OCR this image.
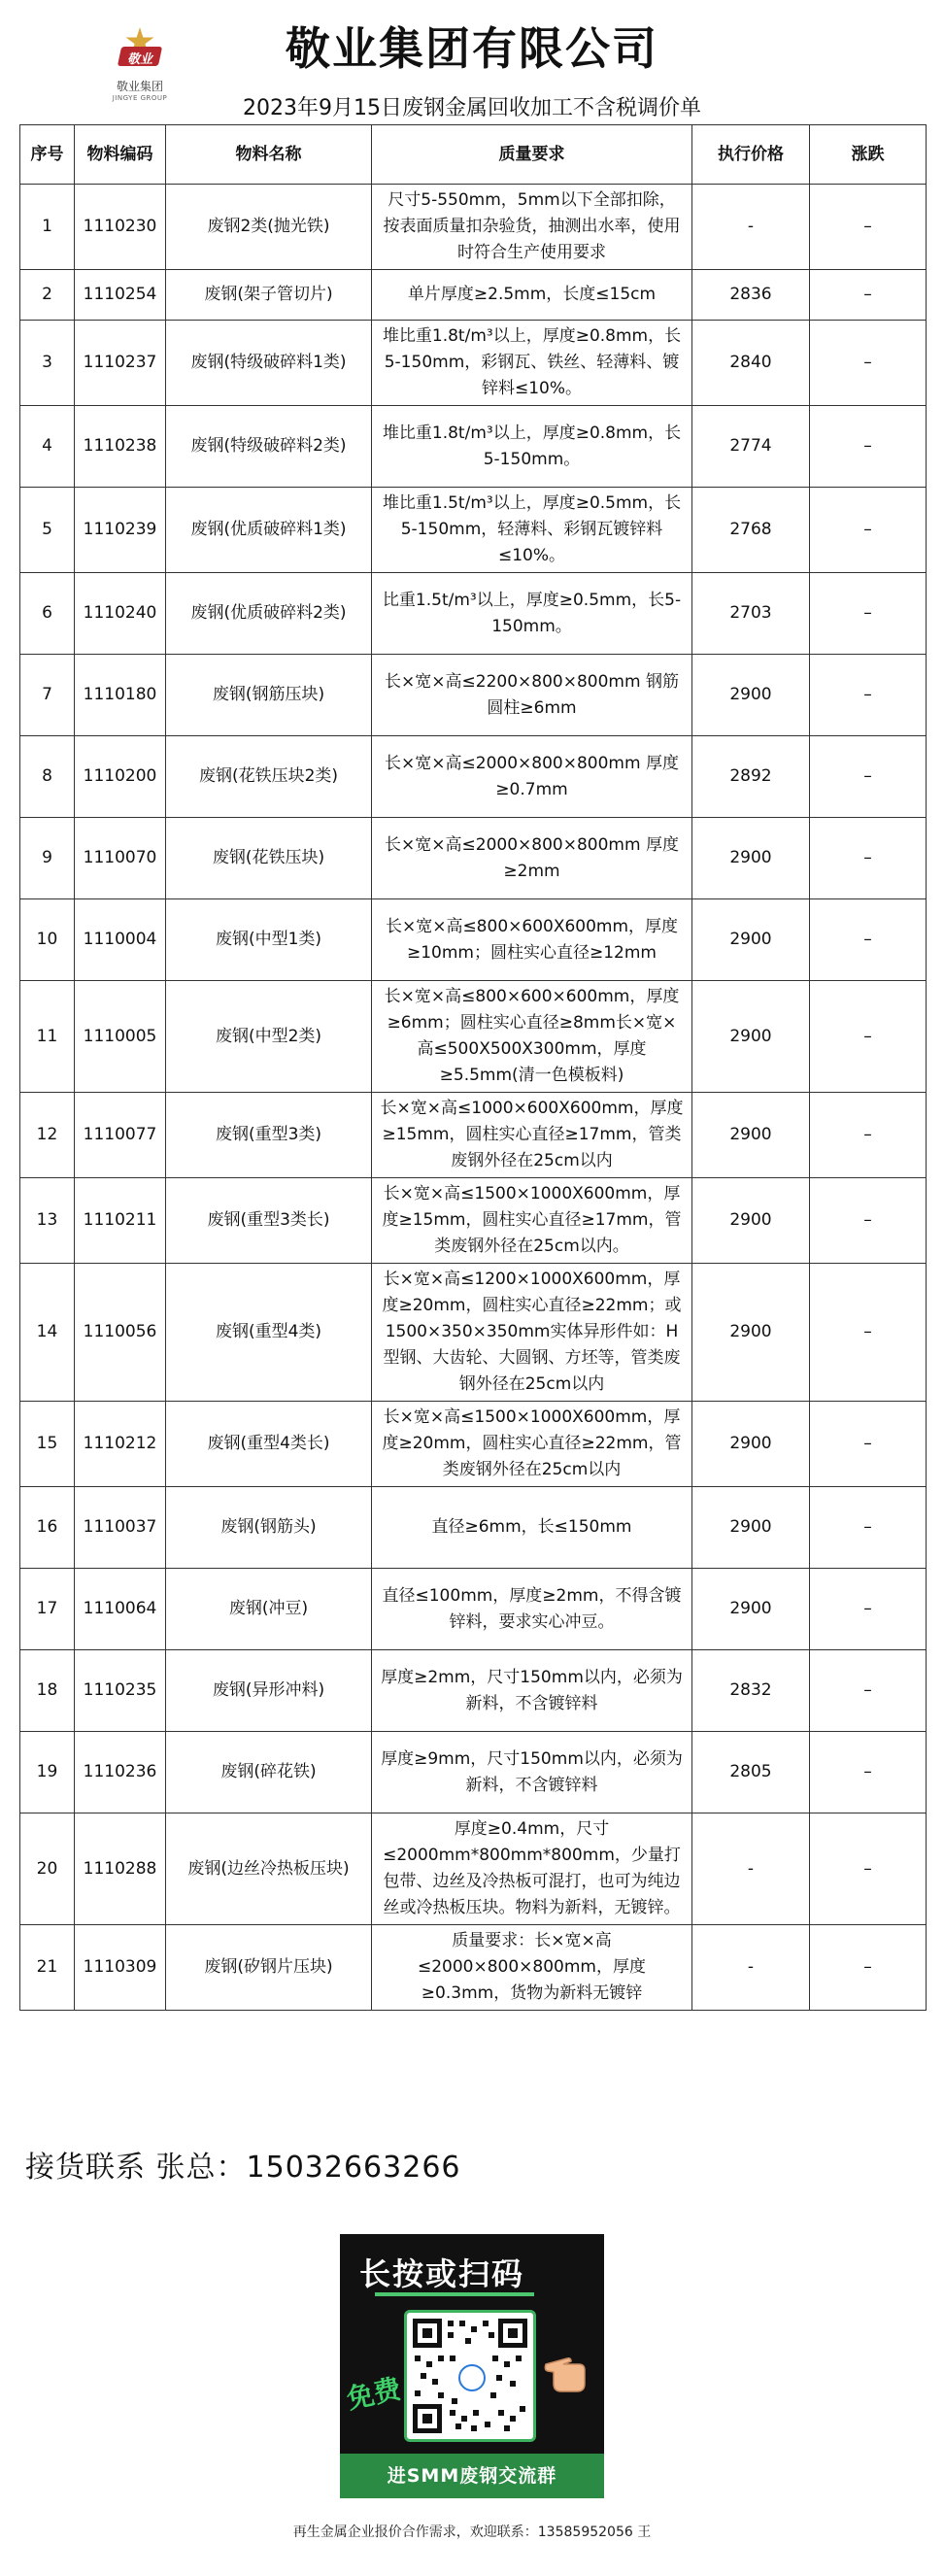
敬业
敬业集团
JINGYE GROUP
敬业集团有限公司
2023年9月15日废钢金属回收加工不含税调价单
序号	物料编码	物料名称	质量要求	执行价格	涨跌
1	1110230	废钢2类(抛光铁)	尺寸5-550mm，5mm以下全部扣除，按表面质量扣杂验货，抽测出水率，使用时符合生产使用要求	-	–
2	1110254	废钢(架子管切片)	单片厚度≥2.5mm，长度≤15cm	2836	–
3	1110237	废钢(特级破碎料1类)	堆比重1.8t/m³以上，厚度≥0.8mm，长5-150mm，彩钢瓦、铁丝、轻薄料、镀锌料≤10%。	2840	–
4	1110238	废钢(特级破碎料2类)	堆比重1.8t/m³以上，厚度≥0.8mm，长5-150mm。	2774	–
5	1110239	废钢(优质破碎料1类)	堆比重1.5t/m³以上，厚度≥0.5mm，长5-150mm，轻薄料、彩钢瓦镀锌料≤10%。	2768	–
6	1110240	废钢(优质破碎料2类)	比重1.5t/m³以上，厚度≥0.5mm，长5-150mm。	2703	–
7	1110180	废钢(钢筋压块)	长×宽×高≤2200×800×800mm 钢筋圆柱≥6mm	2900	–
8	1110200	废钢(花铁压块2类)	长×宽×高≤2000×800×800mm 厚度≥0.7mm	2892	–
9	1110070	废钢(花铁压块)	长×宽×高≤2000×800×800mm 厚度≥2mm	2900	–
10	1110004	废钢(中型1类)	长×宽×高≤800×600X600mm，厚度≥10mm；圆柱实心直径≥12mm	2900	–
11	1110005	废钢(中型2类)	长×宽×高≤800×600×600mm，厚度≥6mm；圆柱实心直径≥8mm长×宽×高≤500X500X300mm，厚度≥5.5mm(清一色模板料)	2900	–
12	1110077	废钢(重型3类)	长×宽×高≤1000×600X600mm，厚度≥15mm，圆柱实心直径≥17mm，管类废钢外径在25cm以内	2900	–
13	1110211	废钢(重型3类长)	长×宽×高≤1500×1000X600mm，厚度≥15mm，圆柱实心直径≥17mm，管类废钢外径在25cm以内。	2900	–
14	1110056	废钢(重型4类)	长×宽×高≤1200×1000X600mm，厚度≥20mm，圆柱实心直径≥22mm；或1500×350×350mm实体异形件如：H型钢、大齿轮、大圆钢、方坯等，管类废钢外径在25cm以内	2900	–
15	1110212	废钢(重型4类长)	长×宽×高≤1500×1000X600mm，厚度≥20mm，圆柱实心直径≥22mm，管类废钢外径在25cm以内	2900	–
16	1110037	废钢(钢筋头)	直径≥6mm，长≤150mm	2900	–
17	1110064	废钢(冲豆)	直径≤100mm，厚度≥2mm，不得含镀锌料，要求实心冲豆。	2900	–
18	1110235	废钢(异形冲料)	厚度≥2mm，尺寸150mm以内，必须为新料，不含镀锌料	2832	–
19	1110236	废钢(碎花铁)	厚度≥9mm，尺寸150mm以内，必须为新料，不含镀锌料	2805	–
20	1110288	废钢(边丝冷热板压块)	厚度≥0.4mm，尺寸≤2000mm*800mm*800mm，少量打包带、边丝及冷热板可混打，也可为纯边丝或冷热板压块。物料为新料，无镀锌。	-	–
21	1110309	废钢(矽钢片压块)	质量要求：长×宽×高≤2000×800×800mm，厚度≥0.3mm，货物为新料无镀锌	-	–
接货联系 张总：15032663266
长按或扫码
免费
进SMM废钢交流群
再生金属企业报价合作需求，欢迎联系：13585952056 王
